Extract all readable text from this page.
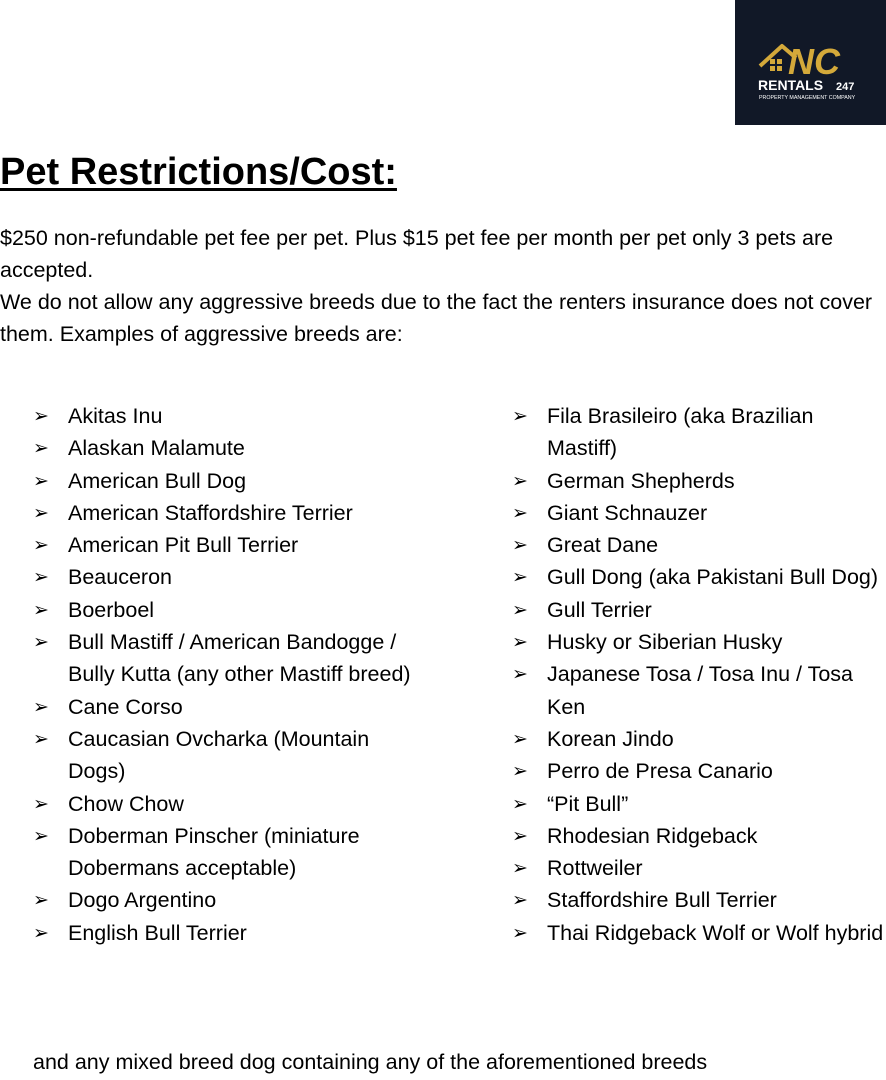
NC
RENTALS 247
PROPERTY MANAGEMENT COMPANY
Pet Restrictions/Cost:

$250 non-refundable pet fee per pet. Plus $15 pet fee per month per pet only 3 pets are accepted.

We do not allow any aggressive breeds due to the fact the renters insurance does not cover them. Examples of aggressive breeds are:

➢ Akitas Inu
➢ Alaskan Malamute
➢ American Bull Dog
➢ American Staffordshire Terrier
➢ American Pit Bull Terrier
➢ Beauceron
➢ Boerboel
➢ Bull Mastiff / American Bandogge / Bully Kutta (any other Mastiff breed)
➢ Cane Corso
➢ Caucasian Ovcharka (Mountain Dogs)
➢ Chow Chow
➢ Doberman Pinscher (miniature Dobermans acceptable)
➢ Dogo Argentino
➢ English Bull Terrier
➢ Fila Brasileiro (aka Brazilian Mastiff)
➢ German Shepherds
➢ Giant Schnauzer
➢ Great Dane
➢ Gull Dong (aka Pakistani Bull Dog)
➢ Gull Terrier
➢ Husky or Siberian Husky
➢ Japanese Tosa / Tosa Inu / Tosa Ken
➢ Korean Jindo
➢ Perro de Presa Canario
➢ “Pit Bull”
➢ Rhodesian Ridgeback
➢ Rottweiler
➢ Staffordshire Bull Terrier
➢ Thai Ridgeback Wolf or Wolf hybrid

and any mixed breed dog containing any of the aforementioned breeds
